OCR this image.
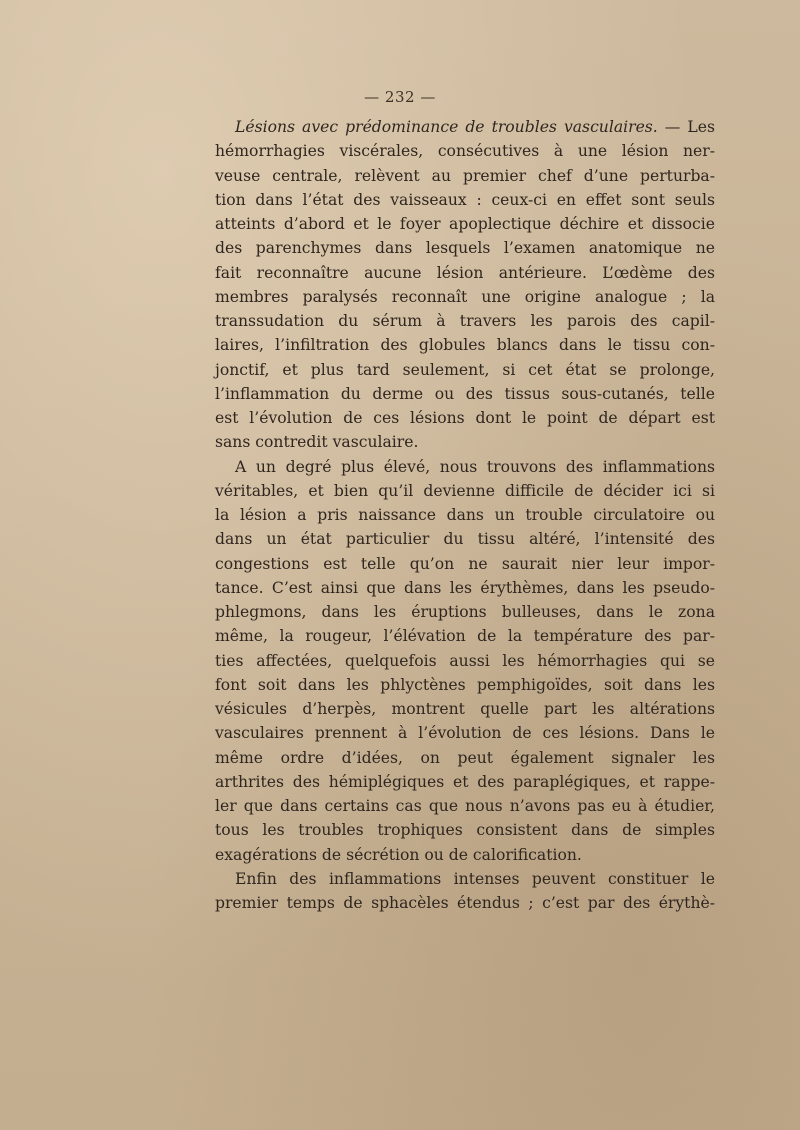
— 232 —
Lésions avec prédominance de troubles vasculaires. — Les
hémorrhagies viscérales, consécutives à une lésion ner-
veuse centrale, relèvent au premier chef d’une perturba-
tion dans l’état des vaisseaux : ceux-ci en effet sont seuls
atteints d’abord et le foyer apoplectique déchire et dissocie
des parenchymes dans lesquels l’examen anatomique ne
fait reconnaître aucune lésion antérieure. L’œdème des
membres paralysés reconnaît une origine analogue ; la
transsudation du sérum à travers les parois des capil-
laires, l’infiltration des globules blancs dans le tissu con-
jonctif, et plus tard seulement, si cet état se prolonge,
l’inflammation du derme ou des tissus sous-cutanés, telle
est l’évolution de ces lésions dont le point de départ est
sans contredit vasculaire.
A un degré plus élevé, nous trouvons des inflammations
véritables, et bien qu’il devienne difficile de décider ici si
la lésion a pris naissance dans un trouble circulatoire ou
dans un état particulier du tissu altéré, l’intensité des
congestions est telle qu’on ne saurait nier leur impor-
tance. C’est ainsi que dans les érythèmes, dans les pseudo-
phlegmons, dans les éruptions bulleuses, dans le zona
même, la rougeur, l’élévation de la température des par-
ties affectées, quelquefois aussi les hémorrhagies qui se
font soit dans les phlyctènes pemphigoïdes, soit dans les
vésicules d’herpès, montrent quelle part les altérations
vasculaires prennent à l’évolution de ces lésions. Dans le
même ordre d’idées, on peut également signaler les
arthrites des hémiplégiques et des paraplégiques, et rappe-
ler que dans certains cas que nous n’avons pas eu à étudier,
tous les troubles trophiques consistent dans de simples
exagérations de sécrétion ou de calorification.
Enfin des inflammations intenses peuvent constituer le
premier temps de sphacèles étendus ; c’est par des érythè-
